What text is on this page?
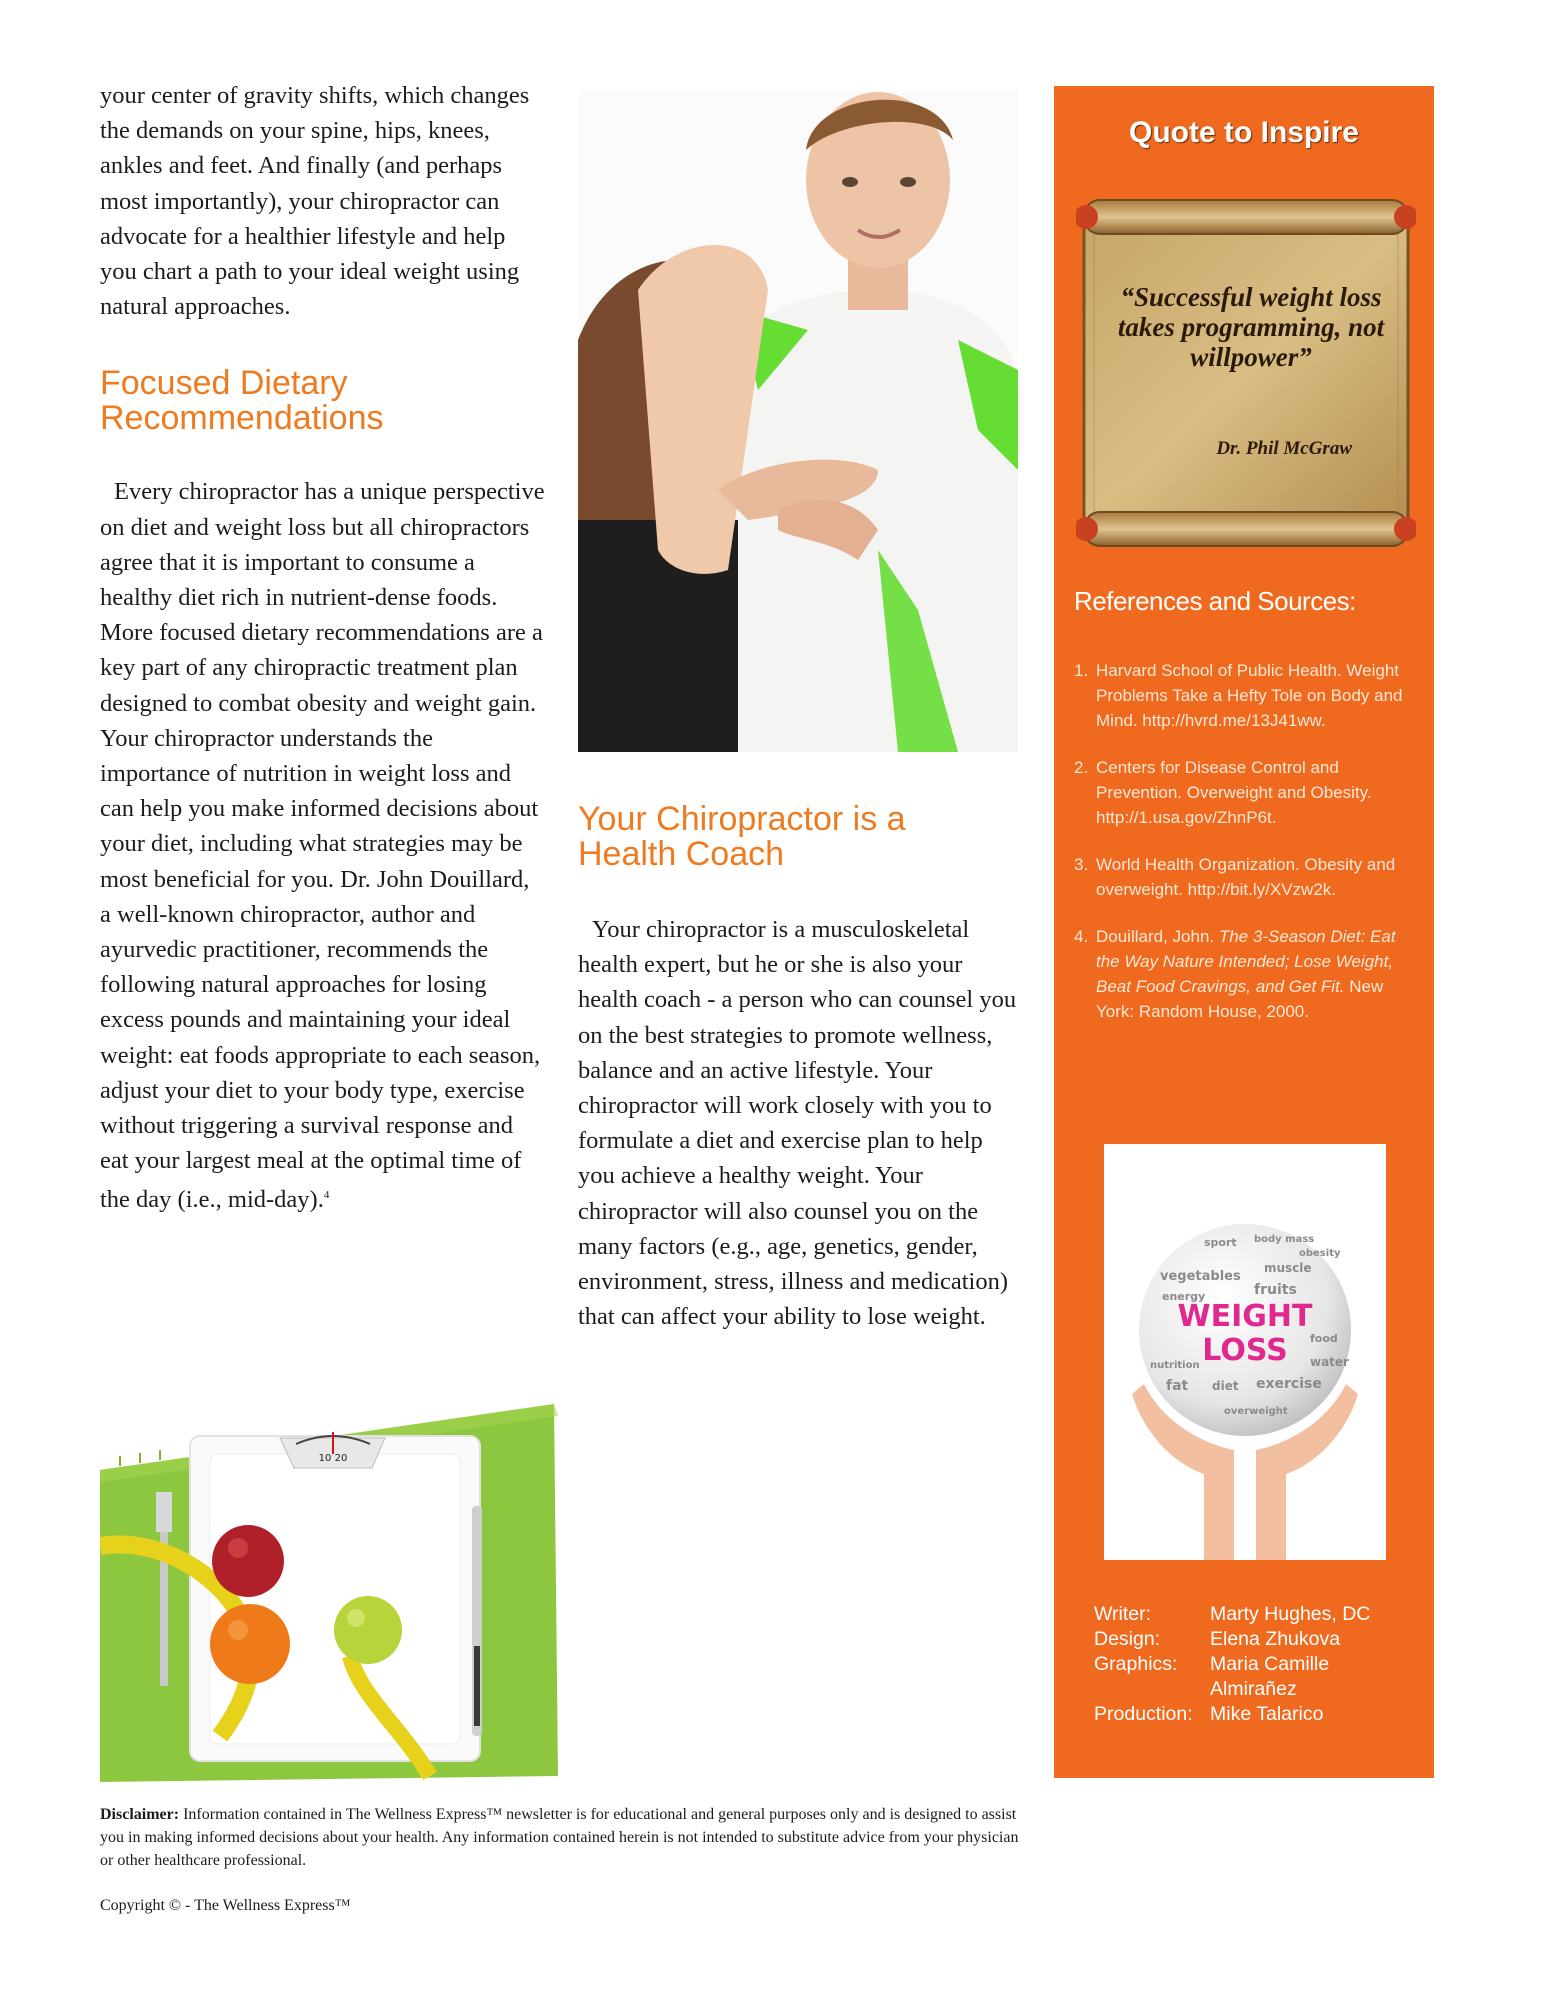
your center of gravity shifts, which changes the demands on your spine, hips, knees, ankles and feet. And finally (and perhaps most importantly), your chiropractor can advocate for a healthier lifestyle and help you chart a path to your ideal weight using natural approaches.

Focused Dietary Recommendations

Every chiropractor has a unique perspective on diet and weight loss but all chiropractors agree that it is important to consume a healthy diet rich in nutrient-dense foods. More focused dietary recommendations are a key part of any chiropractic treatment plan designed to combat obesity and weight gain. Your chiropractor understands the importance of nutrition in weight loss and can help you make informed decisions about your diet, including what strategies may be most beneficial for you. Dr. John Douillard, a well-known chiropractor, author and ayurvedic practitioner, recommends the following natural approaches for losing excess pounds and maintaining your ideal weight: eat foods appropriate to each season, adjust your diet to your body type, exercise without triggering a survival response and eat your largest meal at the optimal time of the day (i.e., mid-day).$^4$

10 20
Your Chiropractor is a Health Coach

Your chiropractor is a musculoskeletal health expert, but he or she is also your health coach - a person who can counsel you on the best strategies to promote wellness, balance and an active lifestyle. Your chiropractor will work closely with you to formulate a diet and exercise plan to help you achieve a healthy weight. Your chiropractor will also counsel you on the many factors (e.g., age, genetics, gender, environment, stress, illness and medication) that can affect your ability to lose weight.

Quote to Inspire
“Successful weight loss takes programming, not willpower”
Dr. Phil McGraw
References and Sources:
1. Harvard School of Public Health. Weight Problems Take a Hefty Tole on Body and Mind. http://hvrd.me/13J41ww.
2. Centers for Disease Control and Prevention. Overweight and Obesity. http://1.usa.gov/ZhnP6t.
3. World Health Organization. Obesity and overweight. http://bit.ly/XVzw2k.
4. Douillard, John. The 3-Season Diet: Eat the Way Nature Intended; Lose Weight, Beat Food Cravings, and Get Fit. New York: Random House, 2000.
sport body mass
obesity
vegetables
muscle
energy	fruits
water
food
diet
fat	exercise
overweight
nutrition
WEIGHT
LOSS
Writer:	Marty Hughes, DC
Design:	Elena Zhukova
Graphics:	Maria Camille Almirañez
Production: Mike Talarico

Disclaimer: Information contained in The Wellness Express™ newsletter is for educational and general purposes only and is designed to assist you in making informed decisions about your health. Any information contained herein is not intended to substitute advice from your physician or other healthcare professional.

Copyright © - The Wellness Express™
